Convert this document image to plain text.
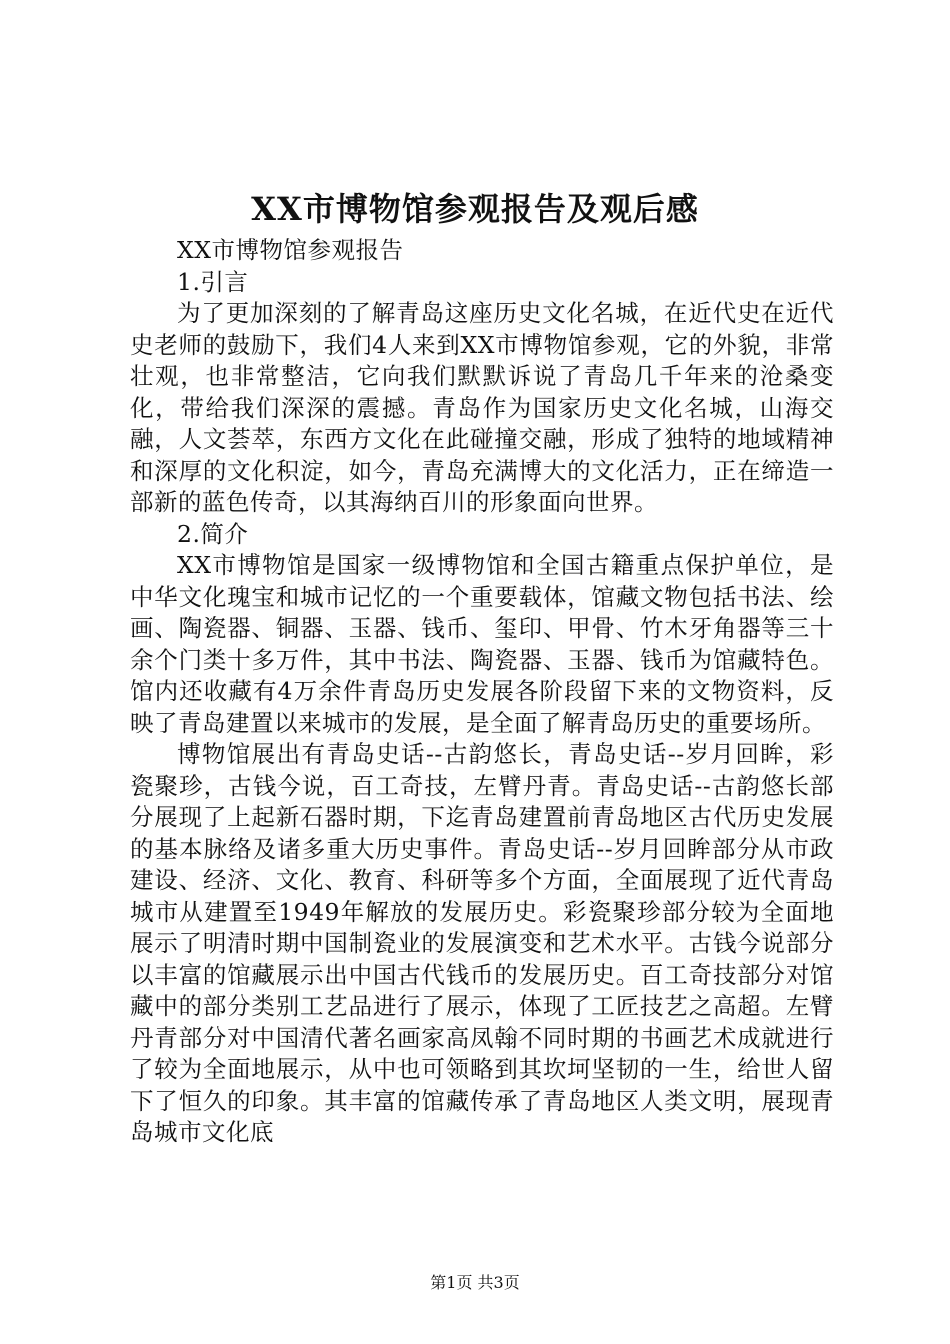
XX市博物馆参观报告及观后感

XX市博物馆参观报告

1.引言

为了更加深刻的了解青岛这座历史文化名城，在近代史在近代史老师的鼓励下，我们4人来到XX市博物馆参观，它的外貌，非常壮观，也非常整洁，它向我们默默诉说了青岛几千年来的沧桑变化，带给我们深深的震撼。青岛作为国家历史文化名城，山海交融，人文荟萃，东西方文化在此碰撞交融，形成了独特的地域精神和深厚的文化积淀，如今，青岛充满博大的文化活力，正在缔造一部新的蓝色传奇，以其海纳百川的形象面向世界。

2.简介

XX市博物馆是国家一级博物馆和全国古籍重点保护单位，是中华文化瑰宝和城市记忆的一个重要载体，馆藏文物包括书法、绘画、陶瓷器、铜器、玉器、钱币、玺印、甲骨、竹木牙角器等三十余个门类十多万件，其中书法、陶瓷器、玉器、钱币为馆藏特色。馆内还收藏有4万余件青岛历史发展各阶段留下来的文物资料，反映了青岛建置以来城市的发展，是全面了解青岛历史的重要场所。

博物馆展出有青岛史话--古韵悠长，青岛史话--岁月回眸，彩瓷聚珍，古钱今说，百工奇技，左臂丹青。青岛史话--古韵悠长部分展现了上起新石器时期，下迄青岛建置前青岛地区古代历史发展的基本脉络及诸多重大历史事件。青岛史话--岁月回眸部分从市政建设、经济、文化、教育、科研等多个方面，全面展现了近代青岛城市从建置至1949年解放的发展历史。彩瓷聚珍部分较为全面地展示了明清时期中国制瓷业的发展演变和艺术水平。古钱今说部分以丰富的馆藏展示出中国古代钱币的发展历史。百工奇技部分对馆藏中的部分类别工艺品进行了展示，体现了工匠技艺之高超。左臂丹青部分对中国清代著名画家高凤翰不同时期的书画艺术成就进行了较为全面地展示，从中也可领略到其坎坷坚韧的一生，给世人留下了恒久的印象。其丰富的馆藏传承了青岛地区人类文明，展现青岛城市文化底

第1页 共3页
